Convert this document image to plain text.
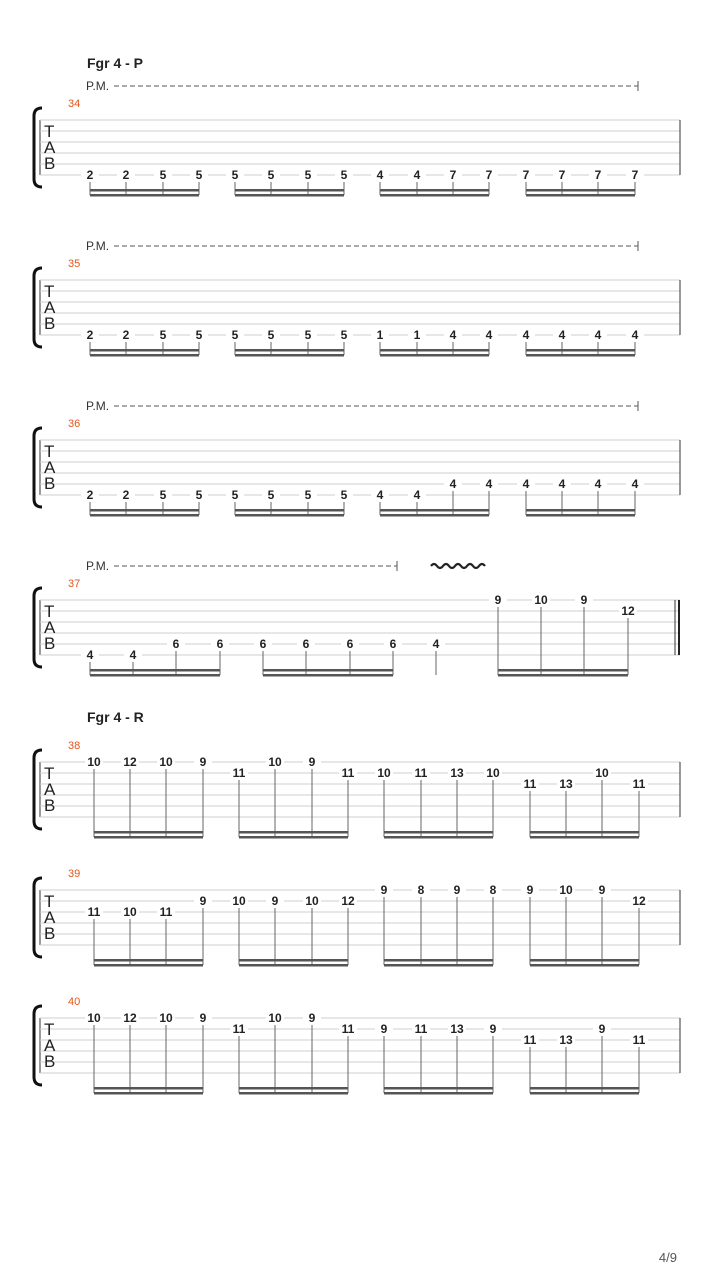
Fgr 4 - P
Fgr 4 - R
P.M.
34
T
A
B
2 2	5 5 5 5	5 5 4	4 7 7	7 7 7	7
P.M.
35
T
A
B
2 2	5 5 5 5	5 5 1	1 4 4	4 4 4	4
P.M.
36
T
A
B
2 2	5 5 5 5	5 5 4	4
4 4	4 4 4	4
P.M.
37
T
A
B
4	4
6	6	6	6	6	6	4
9	10	9
12
38
T
A
B
10 12 10 9
11
10 9
11 10 11 13 10
11 13
10
11
39
T
A
B
11 10 11
9 10 9 10 12
9	8 9 8	9 10 9
12
40
T
A
B
10 12 10 9
11
10 9
11 9 11 13 9
11 13
9
11
4/9
